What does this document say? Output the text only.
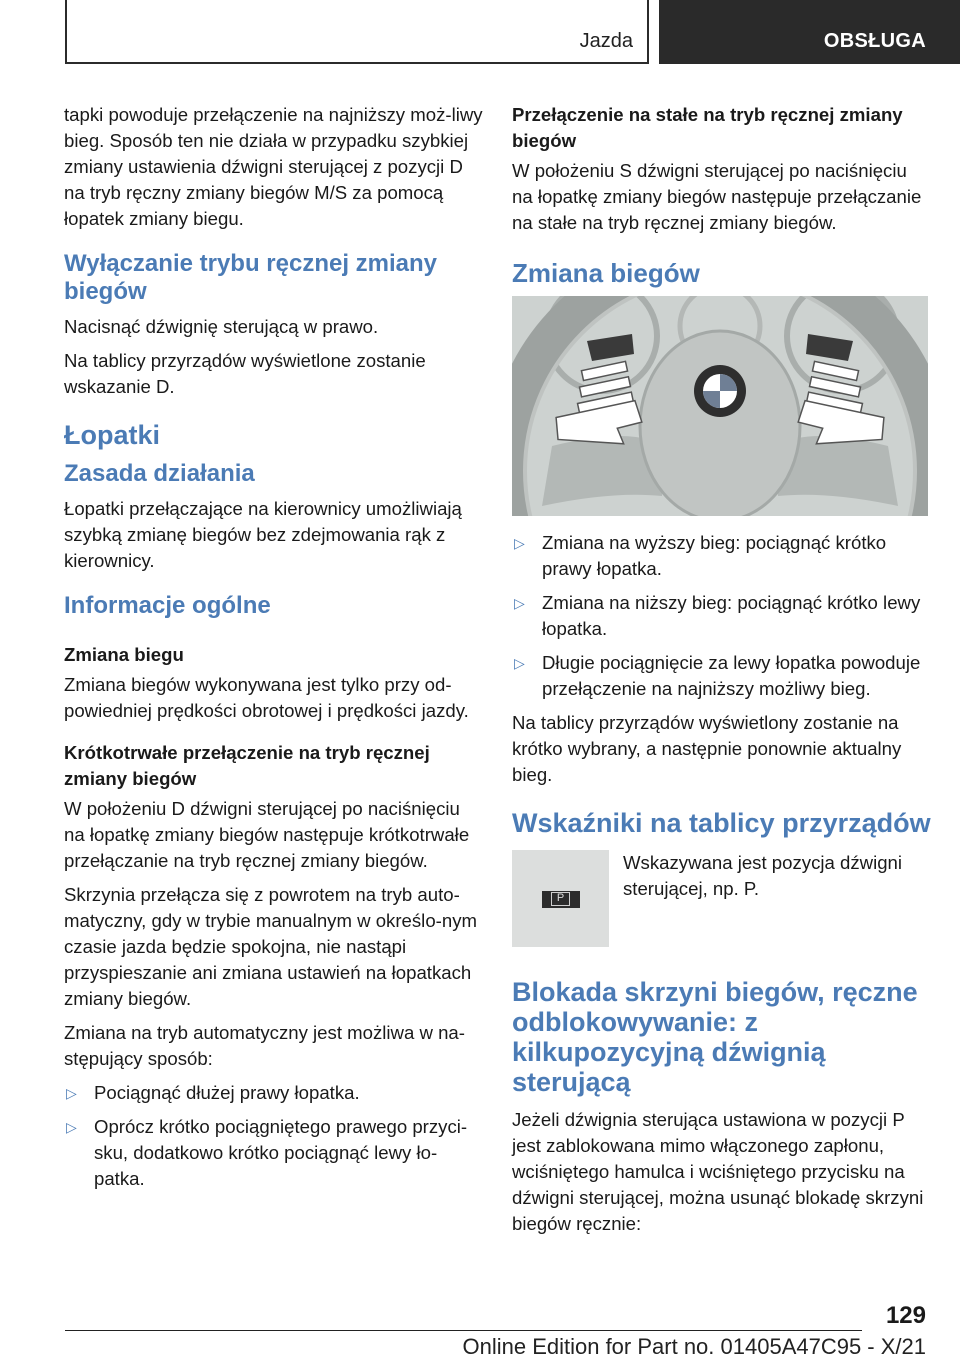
Jazda	OBSŁUGA

tapki powoduje przełączenie na najniższy moż‐liwy bieg. Sposób ten nie działa w przypadku szybkiej zmiany ustawienia dźwigni sterującej z pozycji D na tryb ręczny zmiany biegów M/S za pomocą łopatek zmiany biegu.

Wyłączanie trybu ręcznej zmiany biegów

Nacisnąć dźwignię sterującą w prawo.

Na tablicy przyrządów wyświetlone zostanie wskazanie D.

Łopatki
Zasada działania

Łopatki przełączające na kierownicy umożliwiają szybką zmianę biegów bez zdejmowania rąk z kierownicy.

Informacje ogólne
Zmiana biegu

Zmiana biegów wykonywana jest tylko przy od‐powiedniej prędkości obrotowej i prędkości jazdy.

Krótkotrwałe przełączenie na tryb ręcznej zmiany biegów

W położeniu D dźwigni sterującej po naciśnięciu na łopatkę zmiany biegów następuje krótkotrwałe przełączanie na tryb ręcznej zmiany biegów.

Skrzynia przełącza się z powrotem na tryb auto‐matyczny, gdy w trybie manualnym w określo‐nym czasie jazda będzie spokojna, nie nastąpi przyspieszanie ani zmiana ustawień na łopatkach zmiany biegów.

Zmiana na tryb automatyczny jest możliwa w na‐stępujący sposób:

▷ Pociągnąć dłużej prawy łopatka.
▷ Oprócz krótko pociągniętego prawego przyci‐sku, dodatkowo krótko pociągnąć lewy ło‐patka.
Przełączenie na stałe na tryb ręcznej zmiany biegów

W położeniu S dźwigni sterującej po naciśnięciu na łopatkę zmiany biegów następuje przełączanie na stałe na tryb ręcznej zmiany biegów.

Zmiana biegów
▷ Zmiana na wyższy bieg: pociągnąć krótko prawy łopatka.
▷ Zmiana na niższy bieg: pociągnąć krótko lewy łopatka.
▷ Długie pociągnięcie za lewy łopatka powoduje przełączenie na najniższy możliwy bieg.

Na tablicy przyrządów wyświetlony zostanie na krótko wybrany, a następnie ponownie aktualny bieg.

Wskaźniki na tablicy przyrządów
P
Wskazywana jest pozycja dźwigni sterującej, np. P.
Blokada skrzyni biegów, ręczne odblokowywanie: z kilkupozycyjną dźwignią sterującą

Jeżeli dźwignia sterująca ustawiona w pozycji P jest zablokowana mimo włączonego zapłonu, wciśniętego hamulca i wciśniętego przycisku na dźwigni sterującej, można usunąć blokadę skrzyni biegów ręcznie:

129
Online Edition for Part no. 01405A47C95 - X/21
